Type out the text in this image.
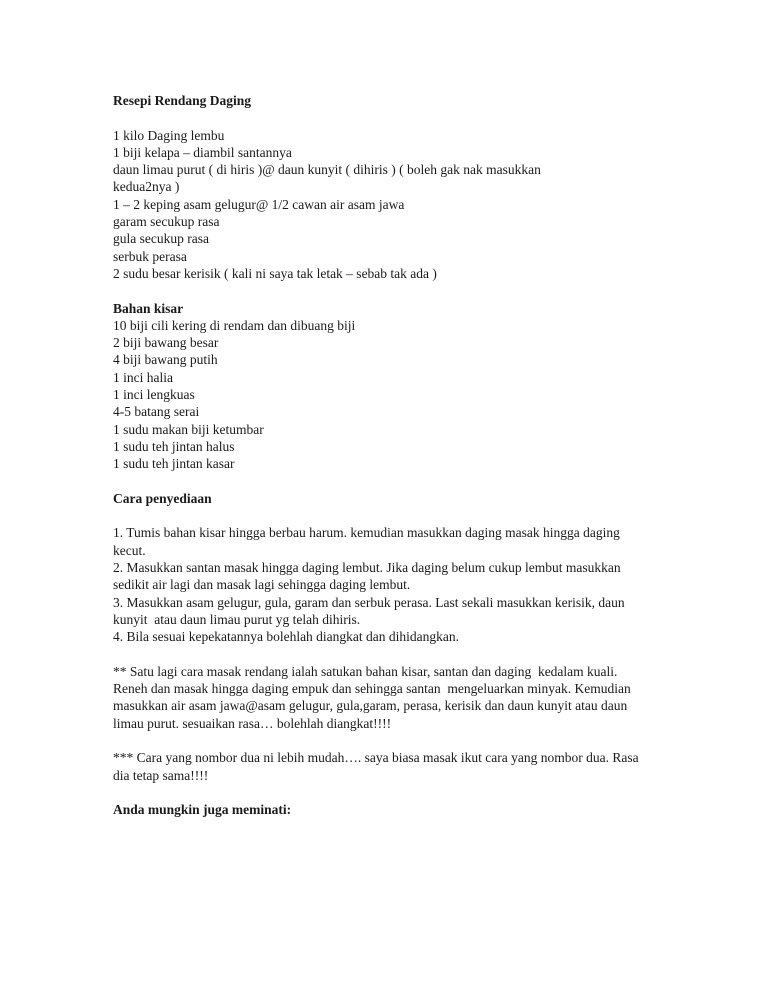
Resepi Rendang Daging

1 kilo Daging lembu

1 biji kelapa – diambil santannya

daun limau purut ( di hiris )@ daun kunyit ( dihiris ) ( boleh gak nak masukkan

kedua2nya )

1 – 2 keping asam gelugur@ 1/2 cawan air asam jawa

garam secukup rasa

gula secukup rasa

serbuk perasa

2 sudu besar kerisik ( kali ni saya tak letak – sebab tak ada )

Bahan kisar

10 biji cili kering di rendam dan dibuang biji

2 biji bawang besar

4 biji bawang putih

1 inci halia

1 inci lengkuas

4-5 batang serai

1 sudu makan biji ketumbar

1 sudu teh jintan halus

1 sudu teh jintan kasar

Cara penyediaan

1. Tumis bahan kisar hingga berbau harum. kemudian masukkan daging masak hingga daging kecut.

2. Masukkan santan masak hingga daging lembut. Jika daging belum cukup lembut masukkan sedikit air lagi dan masak lagi sehingga daging lembut.

3. Masukkan asam gelugur, gula, garam dan serbuk perasa. Last sekali masukkan kerisik, daun kunyit  atau daun limau purut yg telah dihiris.

4. Bila sesuai kepekatannya bolehlah diangkat dan dihidangkan.

** Satu lagi cara masak rendang ialah satukan bahan kisar, santan dan daging  kedalam kuali. Reneh dan masak hingga daging empuk dan sehingga santan  mengeluarkan minyak. Kemudian masukkan air asam jawa@asam gelugur, gula,garam, perasa, kerisik dan daun kunyit atau daun limau purut. sesuaikan rasa… bolehlah diangkat!!!!

*** Cara yang nombor dua ni lebih mudah…. saya biasa masak ikut cara yang nombor dua. Rasa dia tetap sama!!!!

Anda mungkin juga meminati:
